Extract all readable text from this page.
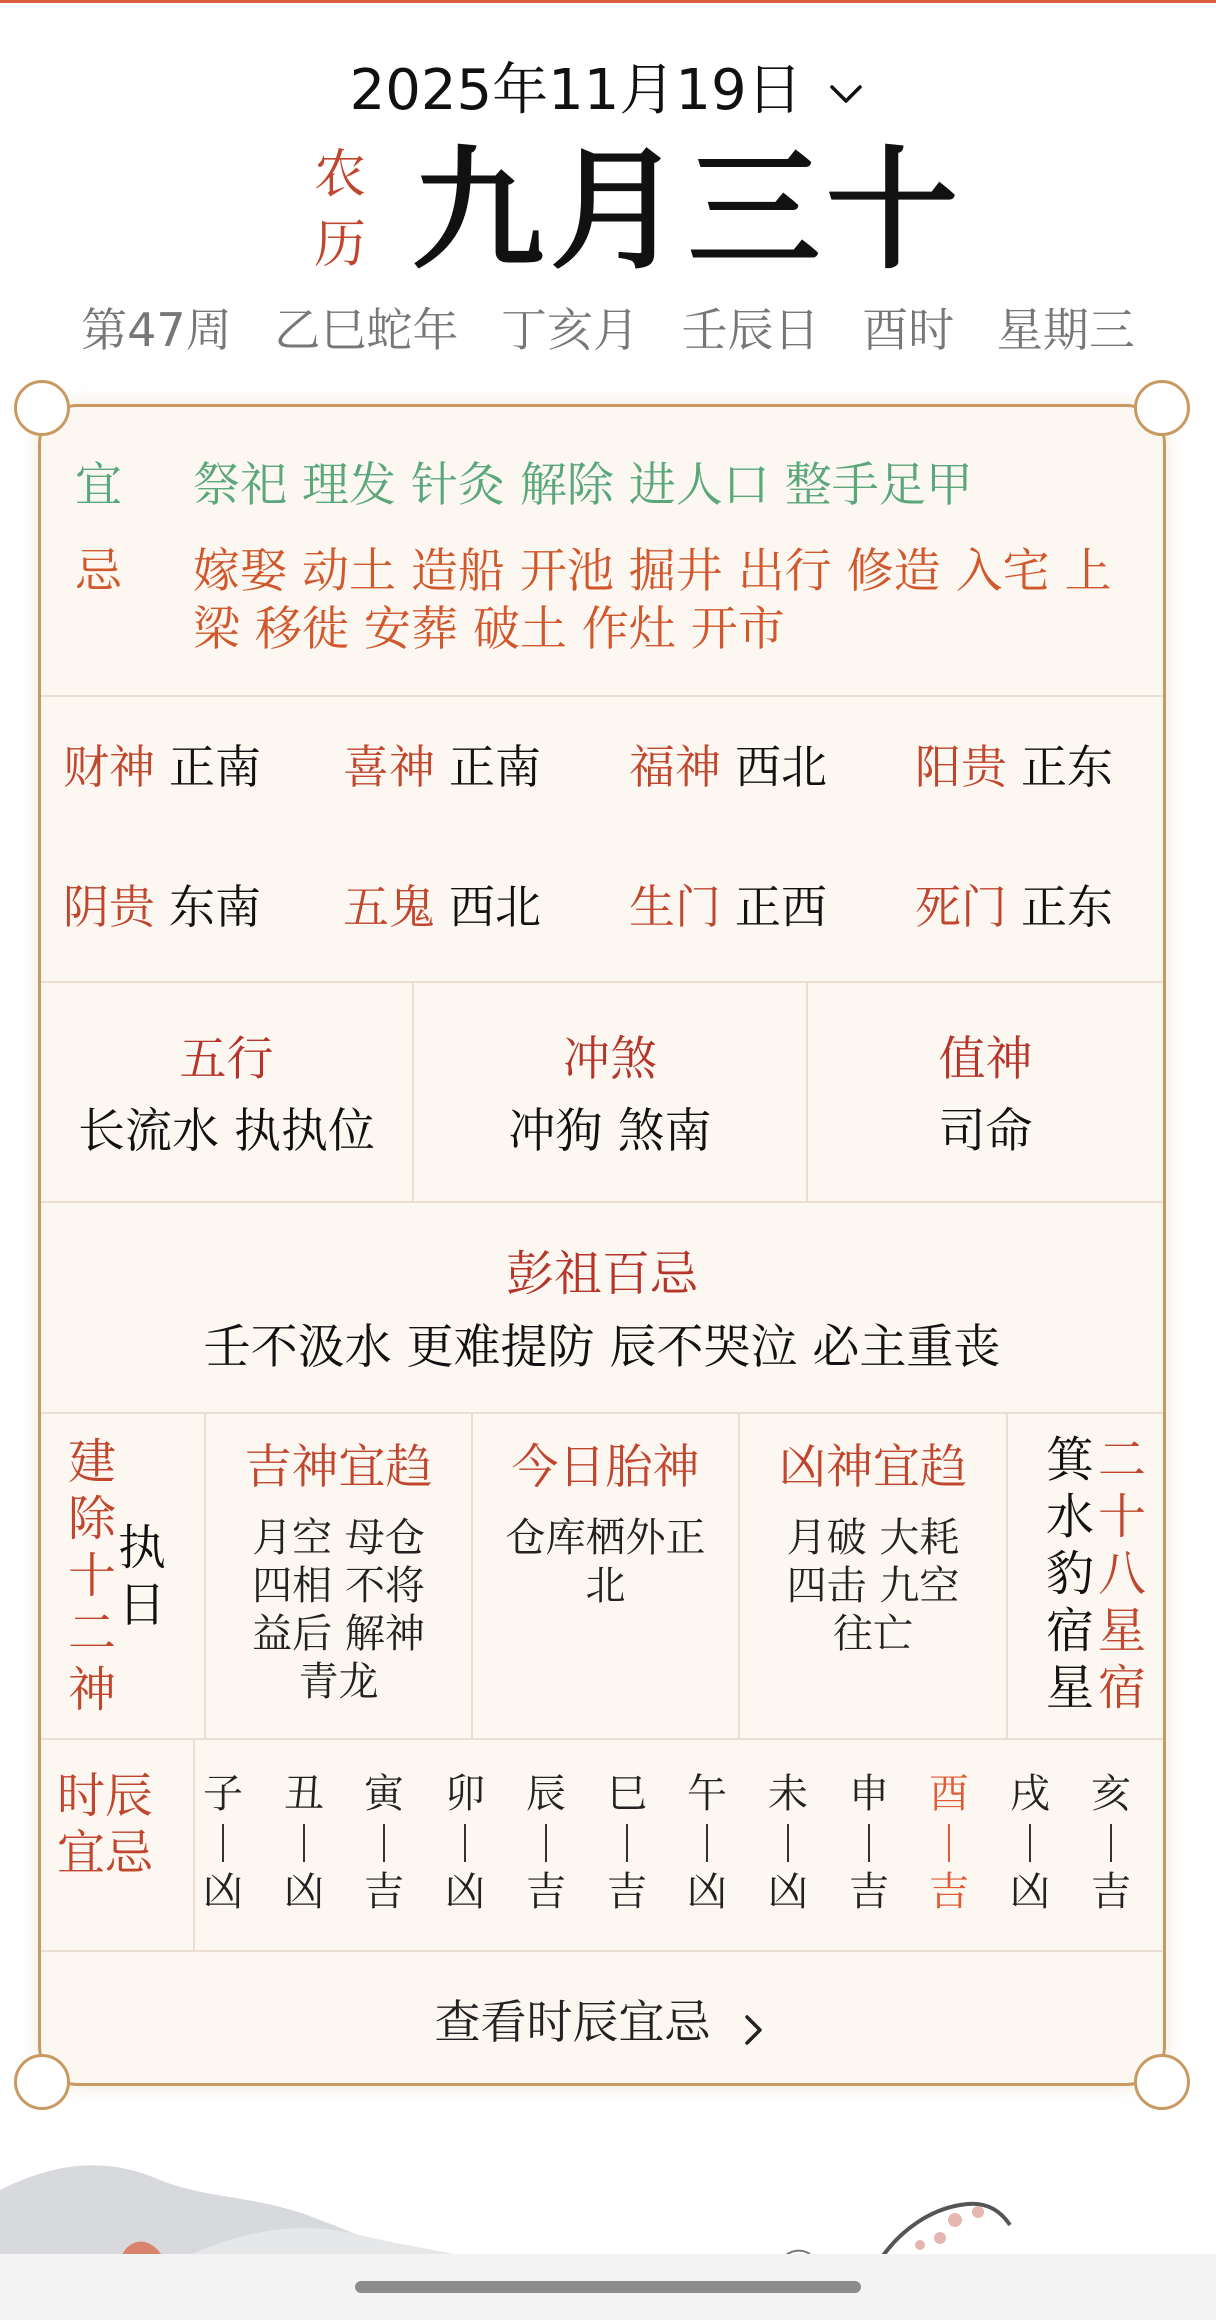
2025年11月19日
农
历 九月三十
第47周 乙巳蛇年 丁亥月 壬辰日 酉时 星期三
宜 祭祀 理发 针灸 解除 进人口 整手足甲
忌 嫁娶 动土 造船 开池 掘井 出行 修造 入宅 上
梁 移徙 安葬 破土 作灶 开市
财神 正南 喜神 正南 福神 西北 阳贵 正东
阴贵 东南 五鬼 西北 生门 正西 死门 正东
五行
长流水 执执位
冲煞
冲狗 煞南
值神
司命
彭祖百忌
壬不汲水 更难提防 辰不哭泣 必主重丧
建
除
十
二
神
执
日
吉神宜趋
月空 母仓
四相 不将
益后 解神
青龙
今日胎神
仓库栖外正
北
凶神宜趋
月破 大耗
四击 九空
往亡
箕
水
豹
宿
星
二
十
八
星
宿
时辰
宜忌
子
凶
丑
凶
寅
吉
卯
凶
辰
吉
巳
吉
午
凶
未
凶
申
吉
酉
吉
戌
凶
亥
吉
查看时辰宜忌
